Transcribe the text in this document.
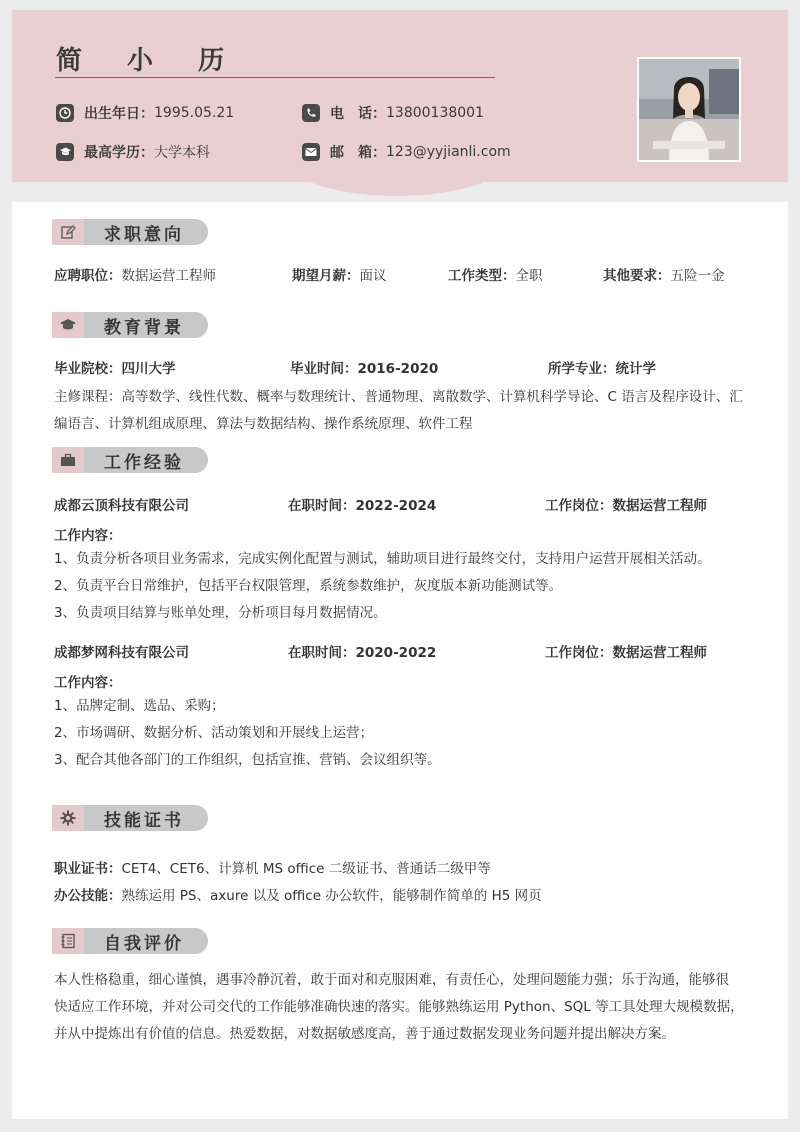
简 小 历
出生年日： 1995.05.21	电　话： 13800138001
最高学历： 大学本科	邮　箱： 123@yyjianli.com
求职意向
应聘职位：数据运营工程师	期望月薪：面议	工作类型：全职	其他要求：五险一金
教育背景
毕业院校：四川大学	毕业时间：2016-2020	所学专业：统计学
主修课程：高等数学、线性代数、概率与数理统计、普通物理、离散数学、计算机科学导论、C 语言及程序设计、汇
编语言、计算机组成原理、算法与数据结构、操作系统原理、软件工程
工作经验
成都云顶科技有限公司	在职时间：2022-2024	工作岗位：数据运营工程师
工作内容：
1、负责分析各项目业务需求，完成实例化配置与测试，辅助项目进行最终交付，支持用户运营开展相关活动。
2、负责平台日常维护，包括平台权限管理，系统参数维护，灰度版本新功能测试等。
3、负责项目结算与账单处理，分析项目每月数据情况。
成都梦网科技有限公司	在职时间：2020-2022	工作岗位：数据运营工程师
工作内容：
1、品牌定制、选品、采购；
2、市场调研、数据分析、活动策划和开展线上运营；
3、配合其他各部门的工作组织，包括宣推、营销、会议组织等。
技能证书
职业证书：CET4、CET6、计算机 MS office 二级证书、普通话二级甲等
办公技能：熟练运用 PS、axure 以及 office 办公软件，能够制作简单的 H5 网页
自我评价
本人性格稳重，细心谨慎，遇事冷静沉着，敢于面对和克服困难，有责任心，处理问题能力强；乐于沟通，能够很
快适应工作环境，并对公司交代的工作能够准确快速的落实。能够熟练运用 Python、SQL 等工具处理大规模数据，
并从中提炼出有价值的信息。热爱数据，对数据敏感度高，善于通过数据发现业务问题并提出解决方案。
